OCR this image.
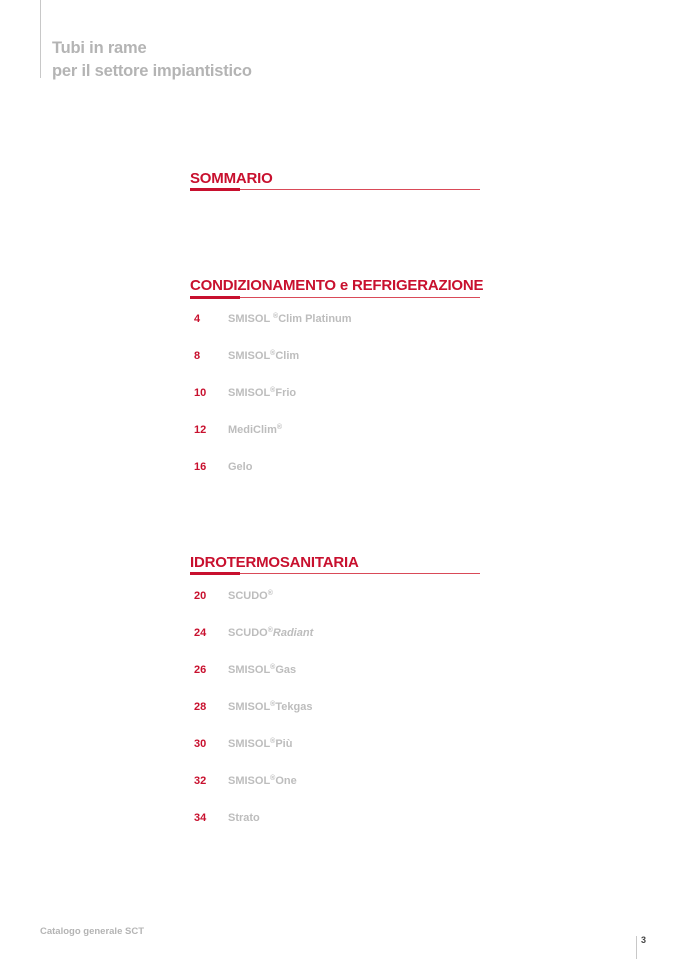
Tubi in rame
per il settore impiantistico
SOMMARIO
CONDIZIONAMENTO e REFRIGERAZIONE
4	SMISOL ®Clim Platinum
8	SMISOL®Clim
10 SMISOL®Frio
12 MediClim®
16 Gelo
IDROTERMOSANITARIA
20 SCUDO®
24 SCUDO®Radiant
26 SMISOL®Gas
28 SMISOL®Tekgas
30 SMISOL®Più
32 SMISOL®One
34 Strato
Catalogo generale SCT
3
